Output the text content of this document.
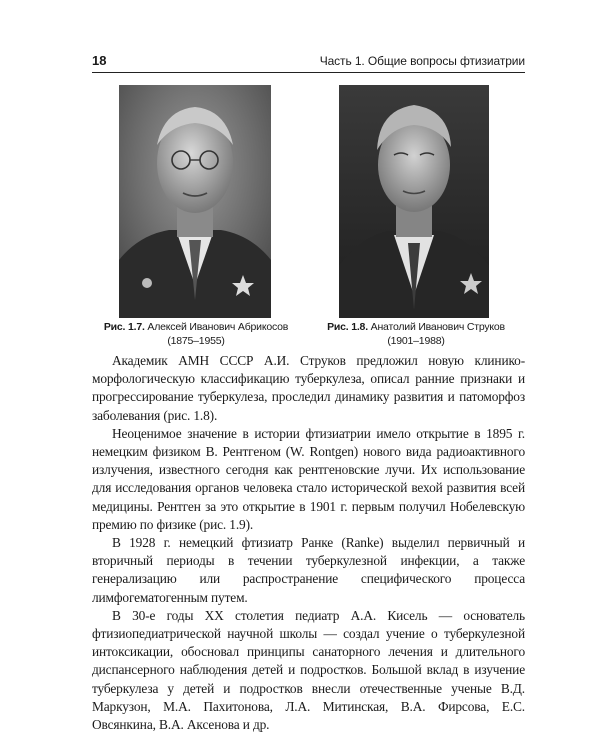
18	Часть 1. Общие вопросы фтизиатрии
Рис. 1.7. Алексей Иванович Абрикосов
(1875–1955)
Рис. 1.8. Анатолий Иванович Струков
(1901–1988)

Академик АМН СССР А.И. Струков предложил новую клинико-морфологическую классификацию туберкулеза, описал ранние признаки и прогрессирование туберкулеза, проследил динамику развития и патоморфоз заболевания (рис. 1.8).

Неоценимое значение в истории фтизиатрии имело открытие в 1895 г. немецким физиком В. Рентгеном (W. Rontgen) нового вида радиоактивного излучения, известного сегодня как рентгеновские лучи. Их использование для исследования органов человека стало исторической вехой развития всей медицины. Рентген за это открытие в 1901 г. первым получил Нобелевскую премию по физике (рис. 1.9).

В 1928 г. немецкий фтизиатр Ранке (Ranke) выделил первичный и вторичный периоды в течении туберкулезной инфекции, а также генерализацию или распространение специфического процесса лимфогематогенным путем.

В 30-е годы XX столетия педиатр А.А. Кисель — основатель фтизиопедиатрической научной школы — создал учение о туберкулезной интоксикации, обосновал принципы санаторного лечения и длительного диспансерного наблюдения детей и подростков. Большой вклад в изучение туберкулеза у детей и подростков внесли отечественные ученые В.Д. Маркузон, М.А. Пахитонова, Л.А. Митинская, В.А. Фирсова, Е.С. Овсянкина, В.А. Аксенова и др.
